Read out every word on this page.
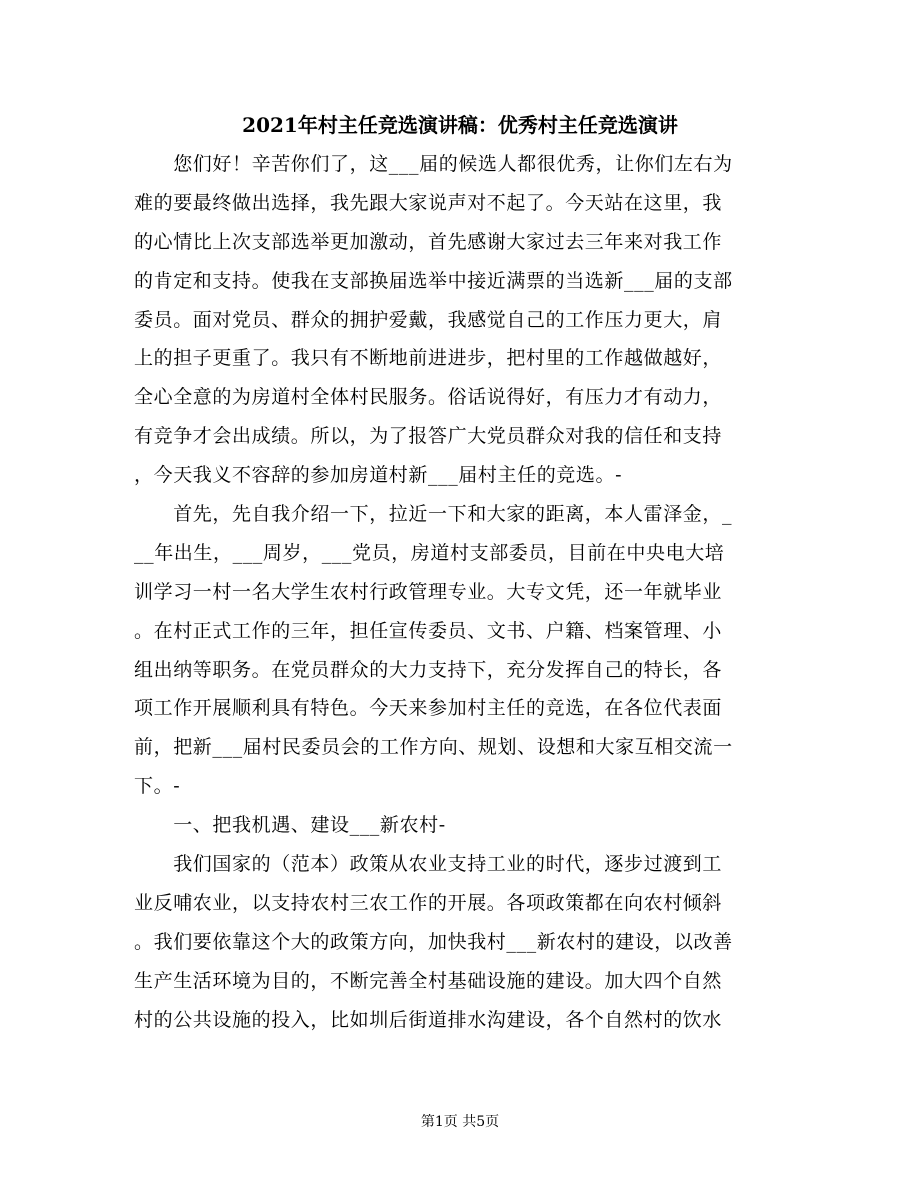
2021年村主任竞选演讲稿：优秀村主任竞选演讲
　　您们好！辛苦你们了，这___届的候选人都很优秀，让你们左右为
难的要最终做出选择，我先跟大家说声对不起了。今天站在这里，我
的心情比上次支部选举更加激动，首先感谢大家过去三年来对我工作
的肯定和支持。使我在支部换届选举中接近满票的当选新___届的支部
委员。面对党员、群众的拥护爱戴，我感觉自己的工作压力更大，肩
上的担子更重了。我只有不断地前进进步，把村里的工作越做越好，
全心全意的为房道村全体村民服务。俗话说得好，有压力才有动力，
有竞争才会出成绩。所以，为了报答广大党员群众对我的信任和支持
，今天我义不容辞的参加房道村新___届村主任的竞选。-
　　首先，先自我介绍一下，拉近一下和大家的距离，本人雷泽金，_
__年出生，___周岁，___党员，房道村支部委员，目前在中央电大培
训学习一村一名大学生农村行政管理专业。大专文凭，还一年就毕业
。在村正式工作的三年，担任宣传委员、文书、户籍、档案管理、小
组出纳等职务。在党员群众的大力支持下，充分发挥自己的特长，各
项工作开展顺利具有特色。今天来参加村主任的竞选，在各位代表面
前，把新___届村民委员会的工作方向、规划、设想和大家互相交流一
下。-
　　一、把我机遇、建设___新农村-
　　我们国家的（范本）政策从农业支持工业的时代，逐步过渡到工
业反哺农业，以支持农村三农工作的开展。各项政策都在向农村倾斜
。我们要依靠这个大的政策方向，加快我村___新农村的建设，以改善
生产生活环境为目的，不断完善全村基础设施的建设。加大四个自然
村的公共设施的投入，比如圳后街道排水沟建设，各个自然村的饮水
第1页 共5页
